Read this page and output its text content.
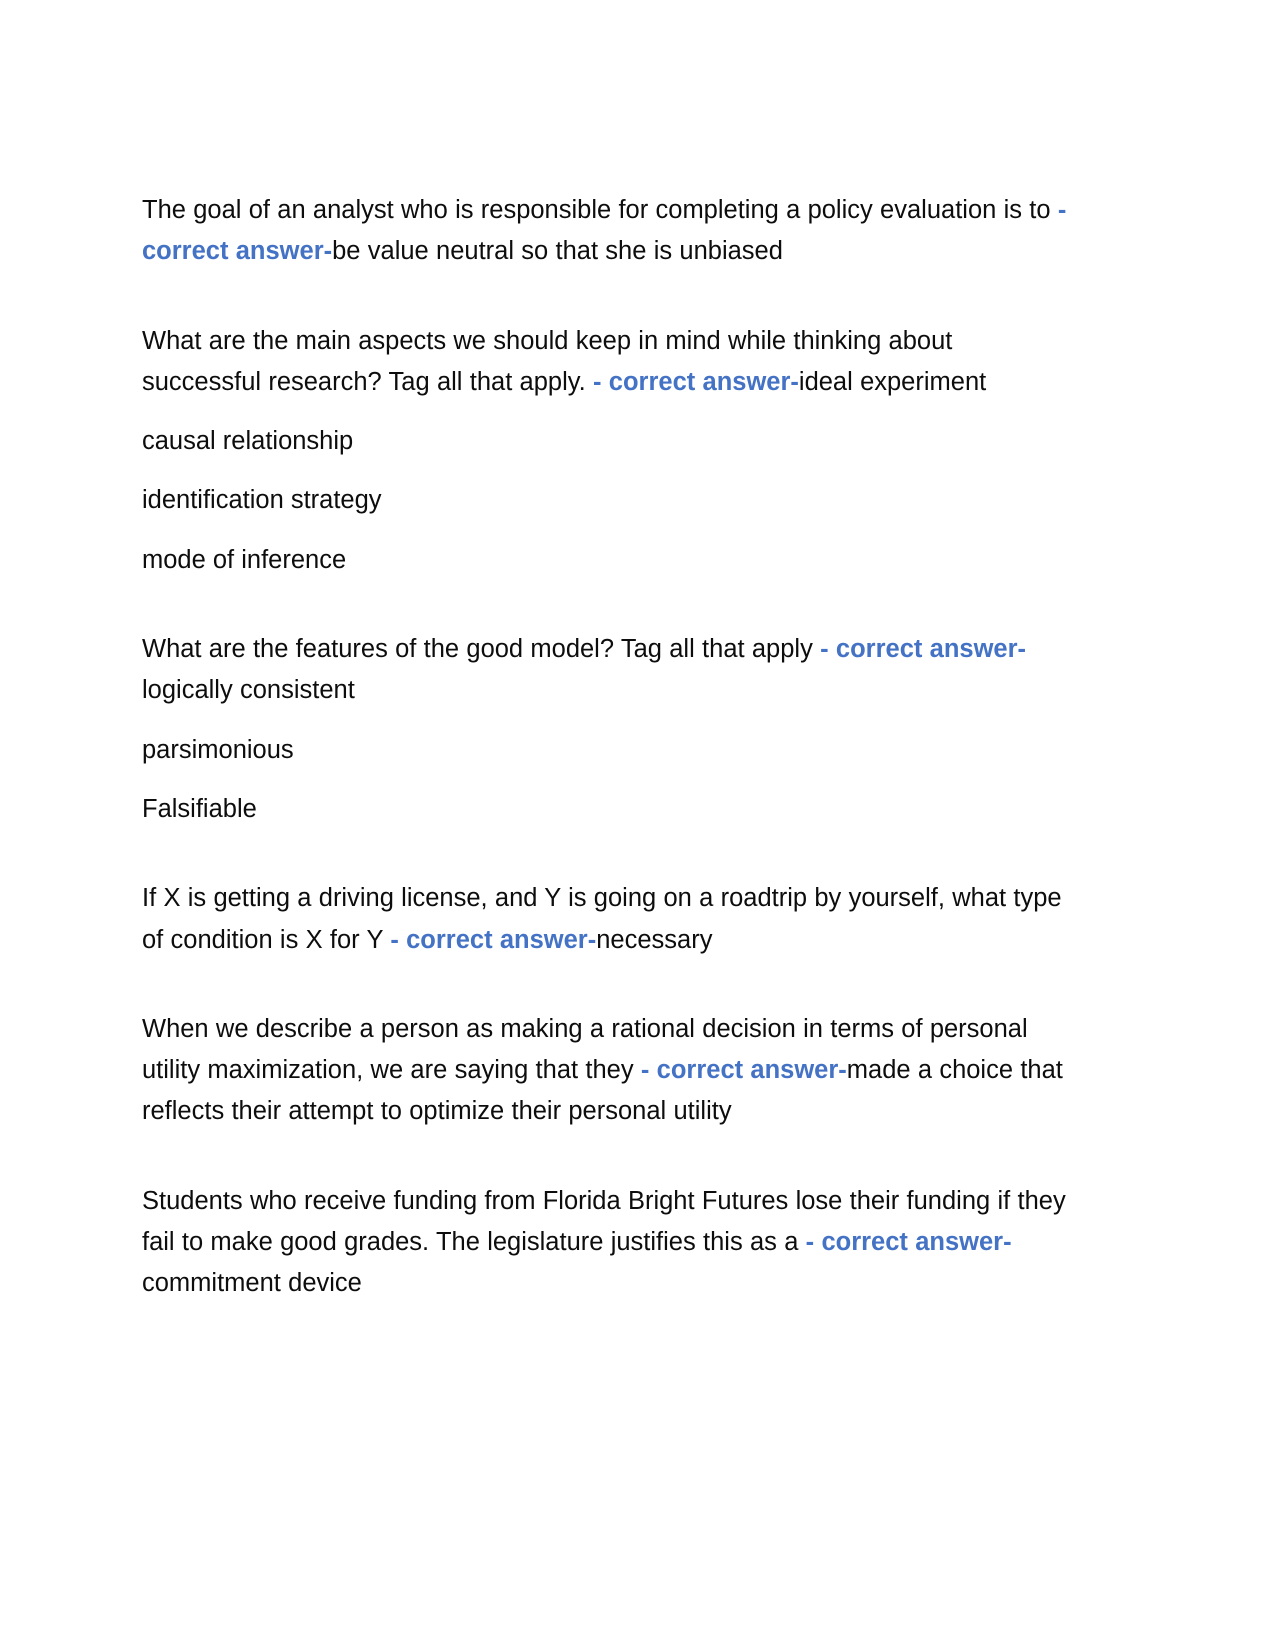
The goal of an analyst who is responsible for completing a policy evaluation is to -correct answer-be value neutral so that she is unbiased

What are the main aspects we should keep in mind while thinking about successful research? Tag all that apply. - correct answer-ideal experiment

causal relationship

identification strategy

mode of inference

What are the features of the good model? Tag all that apply - correct answer-logically consistent

parsimonious

Falsifiable

If X is getting a driving license, and Y is going on a roadtrip by yourself, what type of condition is X for Y - correct answer-necessary

When we describe a person as making a rational decision in terms of personal utility maximization, we are saying that they - correct answer-made a choice that reflects their attempt to optimize their personal utility

Students who receive funding from Florida Bright Futures lose their funding if they fail to make good grades. The legislature justifies this as a - correct answer-commitment device
